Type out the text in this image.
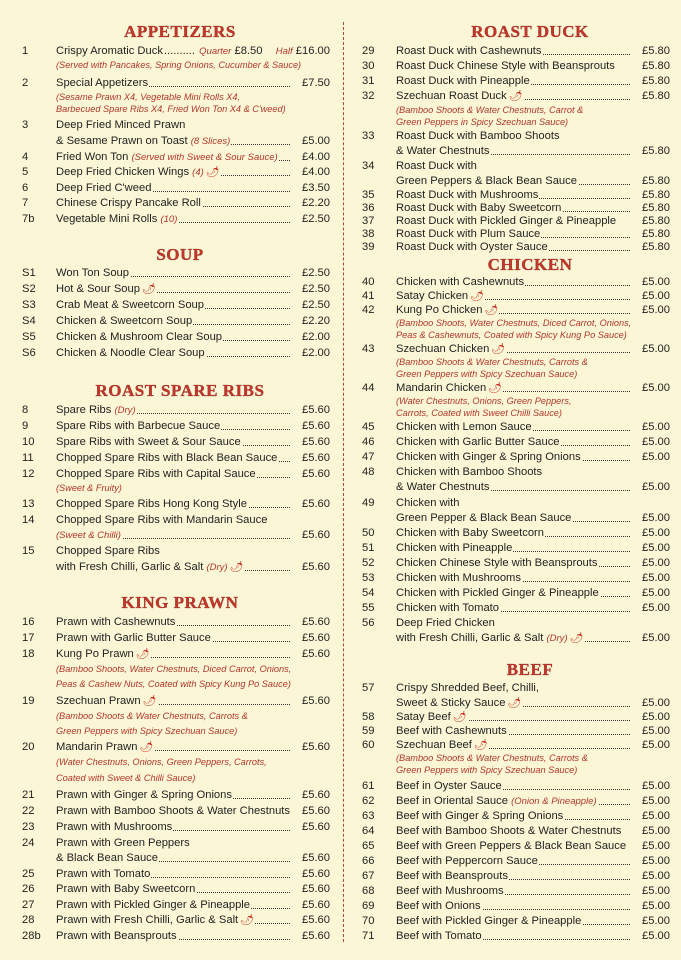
APPETIZERS
1	Crispy Aromatic Duck.......... Quarter £8.50	Half £16.00
(Served with Pancakes, Spring Onions, Cucumber & Sauce)
2	Special Appetizers	£7.50
(Sesame Prawn X4, Vegetable Mini Rolls X4,
Barbecued Spare Ribs X4, Fried Won Ton X4 & C'weed)
3	Deep Fried Minced Prawn
& Sesame Prawn on Toast (8 Slices)	£5.00
4	Fried Won Ton (Served with Sweet & Sour Sauce)	£4.00
5	Deep Fried Chicken Wings (4) 🌶	£4.00
6	Deep Fried C'weed	£3.50
7	Chinese Crispy Pancake Roll	£2.20
7b	Vegetable Mini Rolls (10)	£2.50
SOUP
S1	Won Ton Soup	£2.50
S2	Hot & Sour Soup 🌶	£2.50
S3	Crab Meat & Sweetcorn Soup	£2.50
S4	Chicken & Sweetcorn Soup	£2.20
S5	Chicken & Mushroom Clear Soup	£2.00
S6	Chicken & Noodle Clear Soup	£2.00
ROAST SPARE RIBS
8	Spare Ribs (Dry)	£5.60
9	Spare Ribs with Barbecue Sauce	£5.60
10	Spare Ribs with Sweet & Sour Sauce	£5.60
11	Chopped Spare Ribs with Black Bean Sauce	£5.60
12	Chopped Spare Ribs with Capital Sauce	£5.60
(Sweet & Fruity)
13	Chopped Spare Ribs Hong Kong Style	£5.60
14	Chopped Spare Ribs with Mandarin Sauce
(Sweet & Chilli)	£5.60
15	Chopped Spare Ribs
with Fresh Chilli, Garlic & Salt (Dry) 🌶	£5.60
KING PRAWN
16	Prawn with Cashewnuts	£5.60
17	Prawn with Garlic Butter Sauce	£5.60
18	Kung Po Prawn 🌶	£5.60
(Bamboo Shoots, Water Chestnuts, Diced Carrot, Onions,
Peas & Cashew Nuts, Coated with Spicy Kung Po Sauce)
19	Szechuan Prawn 🌶	£5.60
(Bamboo Shoots & Water Chestnuts, Carrots &
Green Peppers with Spicy Szechuan Sauce)
20	Mandarin Prawn 🌶	£5.60
(Water Chestnuts, Onions, Green Peppers, Carrots,
Coated with Sweet & Chilli Sauce)
21	Prawn with Ginger & Spring Onions	£5.60
22	Prawn with Bamboo Shoots & Water Chestnuts	£5.60
23	Prawn with Mushrooms	£5.60
24	Prawn with Green Peppers
& Black Bean Sauce	£5.60
25	Prawn with Tomato	£5.60
26	Prawn with Baby Sweetcorn	£5.60
27	Prawn with Pickled Ginger & Pineapple	£5.60
28	Prawn with Fresh Chilli, Garlic & Salt 🌶	£5.60
28b	Prawn with Beansprouts	£5.60
ROAST DUCK
29	Roast Duck with Cashewnuts	£5.80
30	Roast Duck Chinese Style with Beansprouts	£5.80
31	Roast Duck with Pineapple	£5.80
32	Szechuan Roast Duck 🌶	£5.80
(Bamboo Shoots & Water Chestnuts, Carrot &
Green Peppers in Spicy Szechuan Sauce)
33	Roast Duck with Bamboo Shoots
& Water Chestnuts	£5.80
34	Roast Duck with
Green Peppers & Black Bean Sauce	£5.80
35	Roast Duck with Mushrooms	£5.80
36	Roast Duck with Baby Sweetcorn	£5.80
37	Roast Duck with Pickled Ginger & Pineapple	£5.80
38	Roast Duck with Plum Sauce	£5.80
39	Roast Duck with Oyster Sauce	£5.80
CHICKEN
40	Chicken with Cashewnuts	£5.00
41	Satay Chicken 🌶	£5.00
42	Kung Po Chicken 🌶	£5.00
(Bamboo Shoots, Water Chestnuts, Diced Carrot, Onions,
Peas & Cashewnuts, Coated with Spicy Kung Po Sauce)
43	Szechuan Chicken 🌶	£5.00
(Bamboo Shoots & Water Chestnuts, Carrots &
Green Peppers with Spicy Szechuan Sauce)
44	Mandarin Chicken 🌶	£5.00
(Water Chestnuts, Onions, Green Peppers,
Carrots, Coated with Sweet Chilli Sauce)
45	Chicken with Lemon Sauce	£5.00
46	Chicken with Garlic Butter Sauce	£5.00
47	Chicken with Ginger & Spring Onions	£5.00
48	Chicken with Bamboo Shoots
& Water Chestnuts	£5.00
49	Chicken with
Green Pepper & Black Bean Sauce	£5.00
50	Chicken with Baby Sweetcorn	£5.00
51	Chicken with Pineapple	£5.00
52	Chicken Chinese Style with Beansprouts	£5.00
53	Chicken with Mushrooms	£5.00
54	Chicken with Pickled Ginger & Pineapple	£5.00
55	Chicken with Tomato	£5.00
56	Deep Fried Chicken
with Fresh Chilli, Garlic & Salt (Dry) 🌶	£5.00
BEEF
57	Crispy Shredded Beef, Chilli,
Sweet & Sticky Sauce 🌶	£5.00
58	Satay Beef 🌶	£5.00
59	Beef with Cashewnuts	£5.00
60	Szechuan Beef 🌶	£5.00
(Bamboo Shoots & Water Chestnuts, Carrots &
Green Peppers with Spicy Szechuan Sauce)
61	Beef in Oyster Sauce	£5.00
62	Beef in Oriental Sauce (Onion & Pineapple)	£5.00
63	Beef with Ginger & Spring Onions	£5.00
64	Beef with Bamboo Shoots & Water Chestnuts	£5.00
65	Beef with Green Peppers & Black Bean Sauce	£5.00
66	Beef with Peppercorn Sauce	£5.00
67	Beef with Beansprouts	£5.00
68	Beef with Mushrooms	£5.00
69	Beef with Onions	£5.00
70	Beef with Pickled Ginger & Pineapple	£5.00
71	Beef with Tomato	£5.00
